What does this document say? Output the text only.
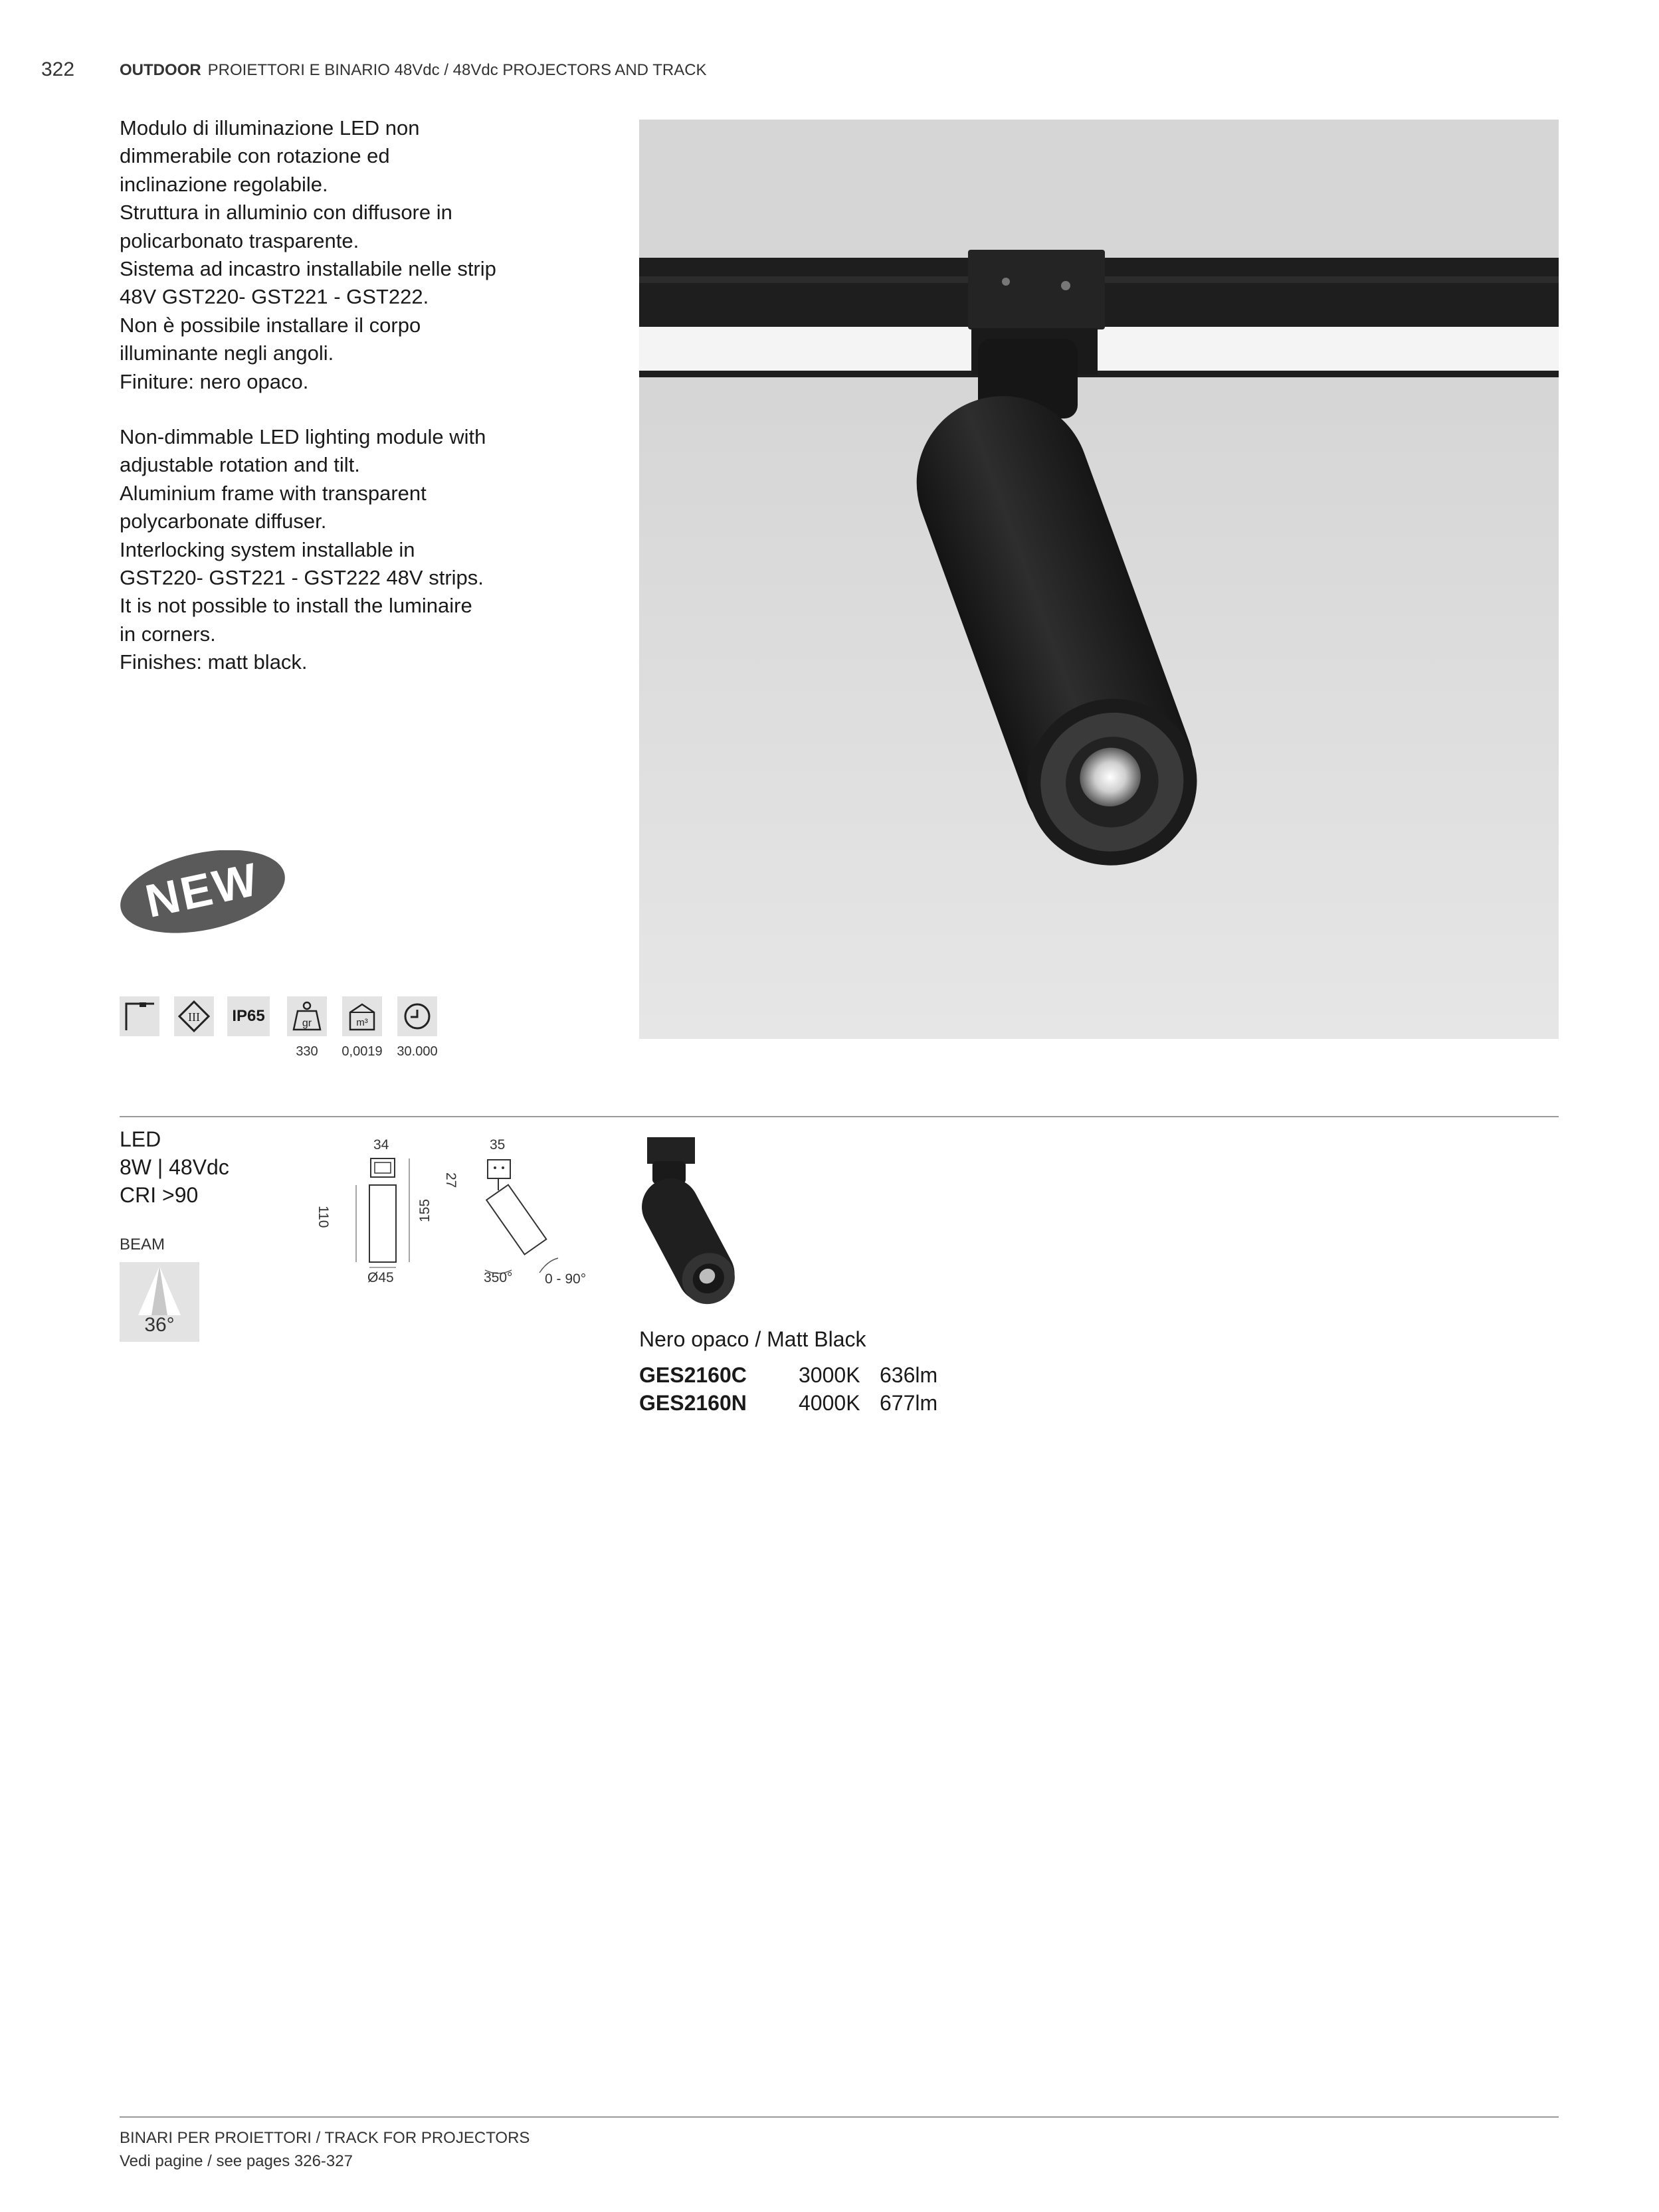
322	OUTDOOR PROIETTORI E BINARIO 48Vdc / 48Vdc PROJECTORS AND TRACK
Modulo di illuminazione LED non
dimmerabile con rotazione ed
inclinazione regolabile.
Struttura in alluminio con diffusore in
policarbonato trasparente.
Sistema ad incastro installabile nelle strip
48V GST220- GST221 - GST222.
Non è possibile installare il corpo
illuminante negli angoli.
Finiture: nero opaco.
Non-dimmable LED lighting module with
adjustable rotation and tilt.
Aluminium frame with transparent
polycarbonate diffuser.
Interlocking system installable in
GST220- GST221 - GST222 48V strips.
It is not possible to install the luminaire
in corners.
Finishes: matt black.
NEW
III	IP65	gr	m³
330	0,0019	30.000
LED
8W | 48Vdc
CRI >90
BEAM
36°
34
110	155
Ø45
35
27
350° 0 - 90°
Nero opaco / Matt Black
GES2160C 3000K 636lm
GES2160N 4000K 677lm
BINARI PER PROIETTORI / TRACK FOR PROJECTORS
Vedi pagine / see pages 326-327
